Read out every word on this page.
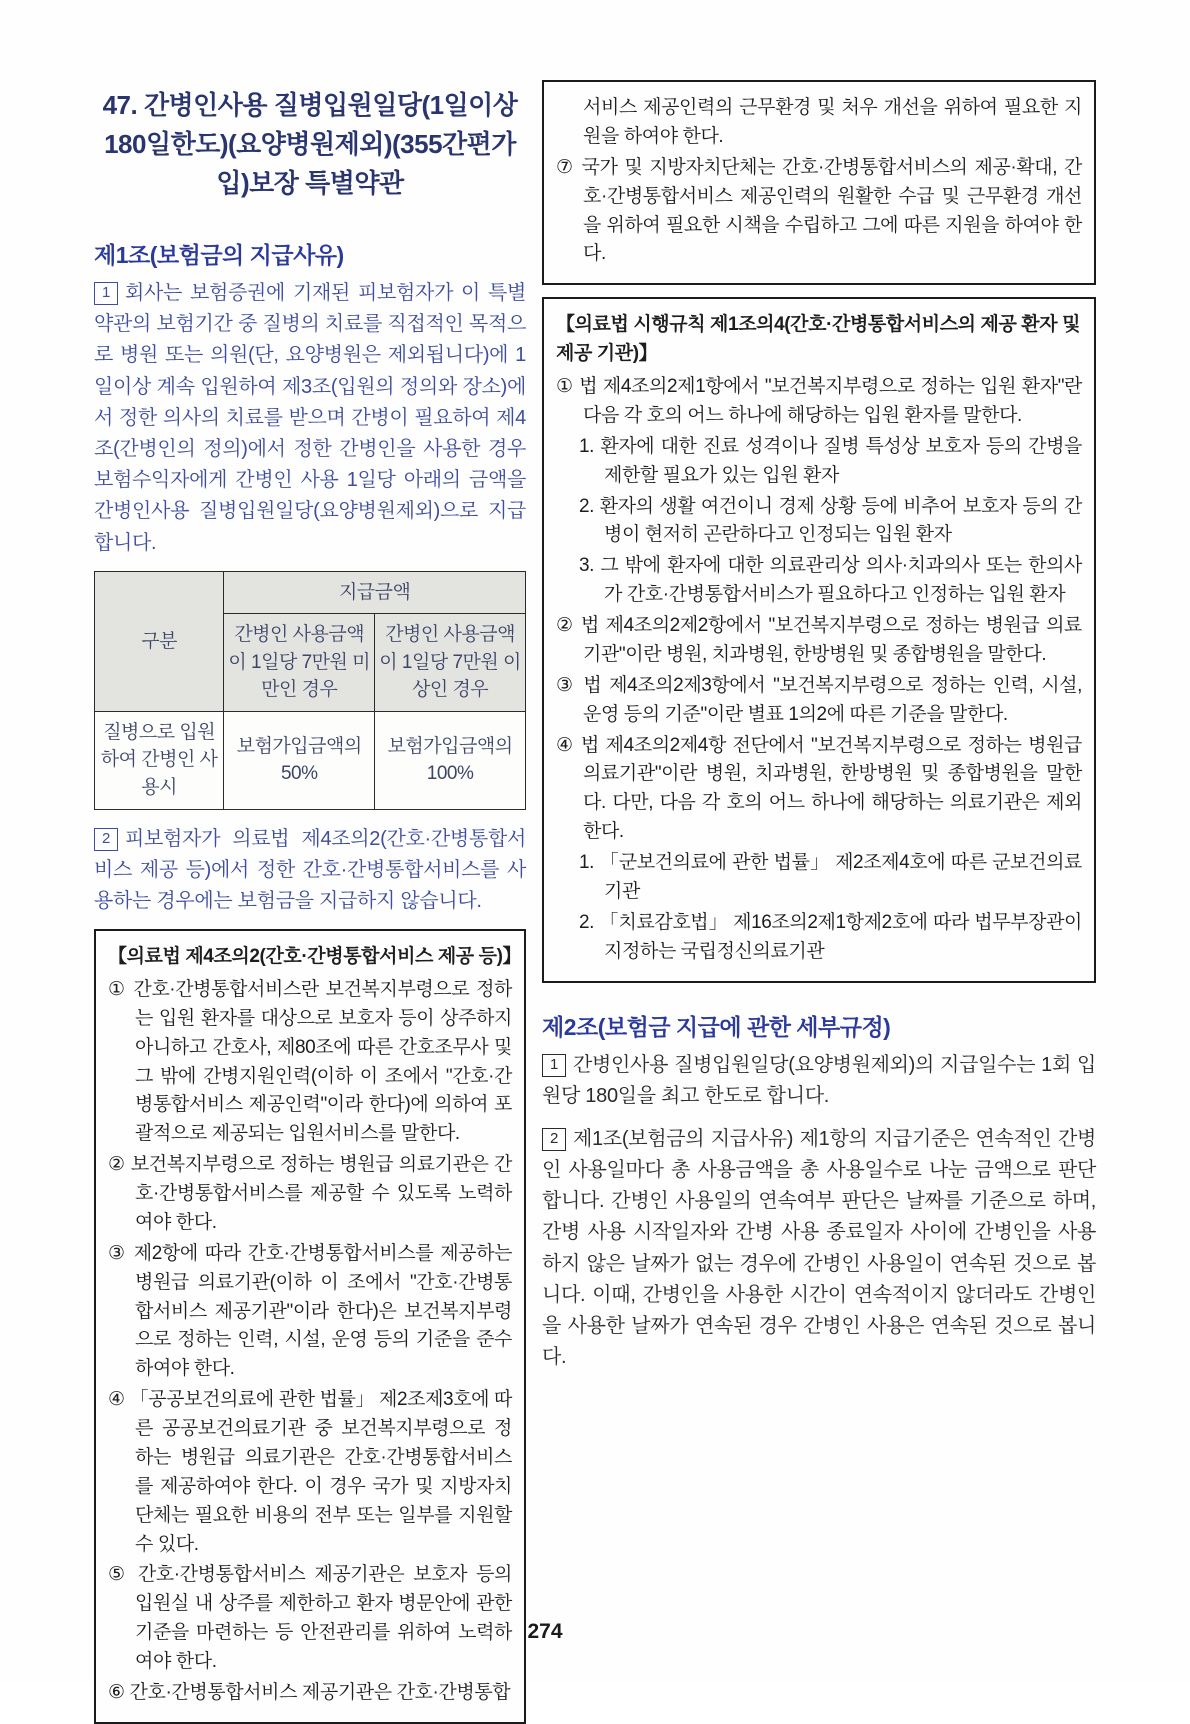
47. 간병인사용 질병입원일당(1일이상 180일한도)(요양병원제외)(355간편가입)보장 특별약관
제1조(보험금의 지급사유)

1 회사는 보험증권에 기재된 피보험자가 이 특별약관의 보험기간 중 질병의 치료를 직접적인 목적으로 병원 또는 의원(단, 요양병원은 제외됩니다)에 1일이상 계속 입원하여 제3조(입원의 정의와 장소)에서 정한 의사의 치료를 받으며 간병이 필요하여 제4조(간병인의 정의)에서 정한 간병인을 사용한 경우 보험수익자에게 간병인 사용 1일당 아래의 금액을 간병인사용 질병입원일당(요양병원제외)으로 지급합니다.

구분	지급금액	
	간병인 사용금액이 1일당 7만원 미만인 경우	간병인 사용금액이 1일당 7만원 이상인 경우
질병으로 입원하여 간병인 사용시	보험가입금액의 50%	보험가입금액의 100%

2 피보험자가 의료법 제4조의2(간호·간병통합서비스 제공 등)에서 정한 간호·간병통합서비스를 사용하는 경우에는 보험금을 지급하지 않습니다.

【의료법 제4조의2(간호·간병통합서비스 제공 등)】
① 간호·간병통합서비스란 보건복지부령으로 정하는 입원 환자를 대상으로 보호자 등이 상주하지 아니하고 간호사, 제80조에 따른 간호조무사 및 그 밖에 간병지원인력(이하 이 조에서 "간호·간병통합서비스 제공인력"이라 한다)에 의하여 포괄적으로 제공되는 입원서비스를 말한다.
② 보건복지부령으로 정하는 병원급 의료기관은 간호·간병통합서비스를 제공할 수 있도록 노력하여야 한다.
③ 제2항에 따라 간호·간병통합서비스를 제공하는 병원급 의료기관(이하 이 조에서 "간호·간병통합서비스 제공기관"이라 한다)은 보건복지부령으로 정하는 인력, 시설, 운영 등의 기준을 준수하여야 한다.
④ 「공공보건의료에 관한 법률」 제2조제3호에 따른 공공보건의료기관 중 보건복지부령으로 정하는 병원급 의료기관은 간호·간병통합서비스를 제공하여야 한다. 이 경우 국가 및 지방자치단체는 필요한 비용의 전부 또는 일부를 지원할 수 있다.
⑤ 간호·간병통합서비스 제공기관은 보호자 등의 입원실 내 상주를 제한하고 환자 병문안에 관한 기준을 마련하는 등 안전관리를 위하여 노력하여야 한다.
⑥ 간호·간병통합서비스 제공기관은 간호·간병통합
서비스 제공인력의 근무환경 및 처우 개선을 위하여 필요한 지원을 하여야 한다.
⑦ 국가 및 지방자치단체는 간호·간병통합서비스의 제공·확대, 간호·간병통합서비스 제공인력의 원활한 수급 및 근무환경 개선을 위하여 필요한 시책을 수립하고 그에 따른 지원을 하여야 한다.
【의료법 시행규칙 제1조의4(간호·간병통합서비스의 제공 환자 및 제공 기관)】
① 법 제4조의2제1항에서 "보건복지부령으로 정하는 입원 환자"란 다음 각 호의 어느 하나에 해당하는 입원 환자를 말한다.
1. 환자에 대한 진료 성격이나 질병 특성상 보호자 등의 간병을 제한할 필요가 있는 입원 환자
2. 환자의 생활 여건이니 경제 상황 등에 비추어 보호자 등의 간병이 현저히 곤란하다고 인정되는 입원 환자
3. 그 밖에 환자에 대한 의료관리상 의사·치과의사 또는 한의사가 간호·간병통합서비스가 필요하다고 인정하는 입원 환자
② 법 제4조의2제2항에서 "보건복지부령으로 정하는 병원급 의료기관"이란 병원, 치과병원, 한방병원 및 종합병원을 말한다.
③ 법 제4조의2제3항에서 "보건복지부령으로 정하는 인력, 시설, 운영 등의 기준"이란 별표 1의2에 따른 기준을 말한다.
④ 법 제4조의2제4항 전단에서 "보건복지부령으로 정하는 병원급 의료기관"이란 병원, 치과병원, 한방병원 및 종합병원을 말한다. 다만, 다음 각 호의 어느 하나에 해당하는 의료기관은 제외한다.
1. 「군보건의료에 관한 법률」 제2조제4호에 따른 군보건의료기관
2. 「치료감호법」 제16조의2제1항제2호에 따라 법무부장관이 지정하는 국립정신의료기관
제2조(보험금 지급에 관한 세부규정)

1 간병인사용 질병입원일당(요양병원제외)의 지급일수는 1회 입원당 180일을 최고 한도로 합니다.

2 제1조(보험금의 지급사유) 제1항의 지급기준은 연속적인 간병인 사용일마다 총 사용금액을 총 사용일수로 나눈 금액으로 판단합니다. 간병인 사용일의 연속여부 판단은 날짜를 기준으로 하며, 간병 사용 시작일자와 간병 사용 종료일자 사이에 간병인을 사용하지 않은 날짜가 없는 경우에 간병인 사용일이 연속된 것으로 봅니다. 이때, 간병인을 사용한 시간이 연속적이지 않더라도 간병인을 사용한 날짜가 연속된 경우 간병인 사용은 연속된 것으로 봅니다.

274
